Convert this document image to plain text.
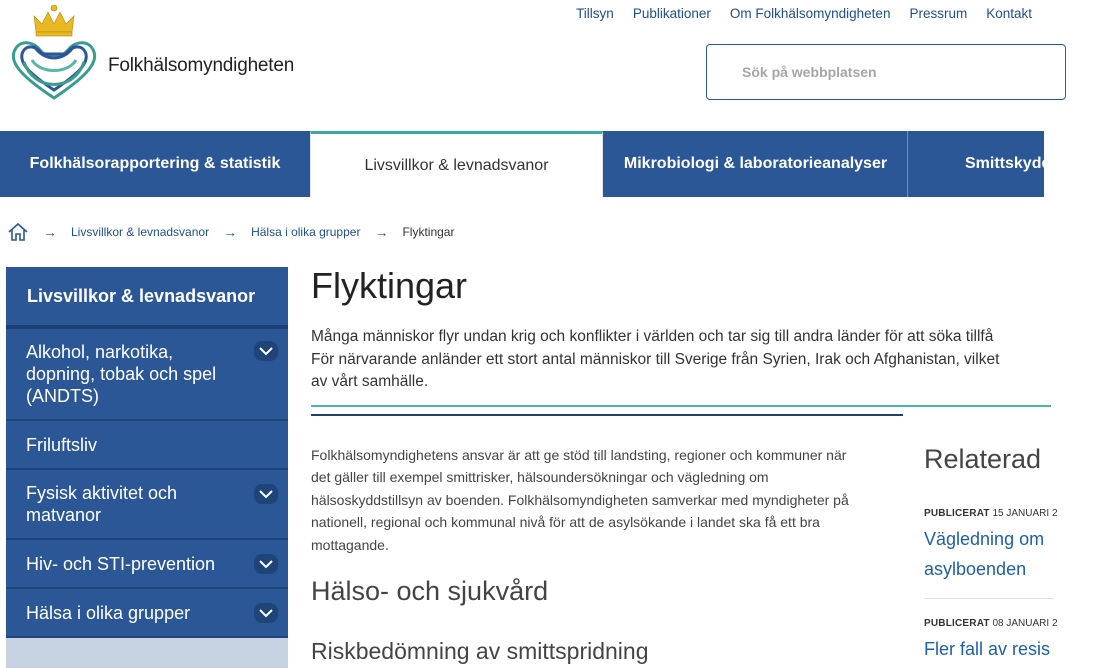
Folkhälsomyndigheten
Tillsyn Publikationer Om Folkhälsomyndigheten Pressrum Kontakt
Sök på webbplatsen
Folkhälsorapportering & statistik	Livsvillkor & levnadsvanor	Mikrobiologi & laboratorieanalyser	Smittskydd
→ Livsvillkor & levnadsvanor → Hälsa i olika grupper → Flyktingar
Livsvillkor & levnadsvanor
Alkohol, narkotika, dopning, tobak och spel (ANDTS)
Friluftsliv
Fysisk aktivitet och matvanor
Hiv- och STI-prevention
Hälsa i olika grupper
Flyktingar
Många människor flyr undan krig och konflikter i världen och tar sig till andra länder för att söka tillfå
För närvarande anländer ett stort antal människor till Sverige från Syrien, Irak och Afghanistan, vilket
av vårt samhälle.
Folkhälsomyndighetens ansvar är att ge stöd till landsting, regioner och kommuner när
det gäller till exempel smittrisker, hälsoundersökningar och vägledning om
hälsoskyddstillsyn av boenden. Folkhälsomyndigheten samverkar med myndigheter på
nationell, regional och kommunal nivå för att de asylsökande i landet ska få ett bra
mottagande.
Hälso- och sjukvård
Riskbedömning av smittspridning
Relaterad
PUBLICERAT 15 JANUARI 2
Vägledning om
asylboenden
PUBLICERAT 08 JANUARI 2
Fler fall av resis
